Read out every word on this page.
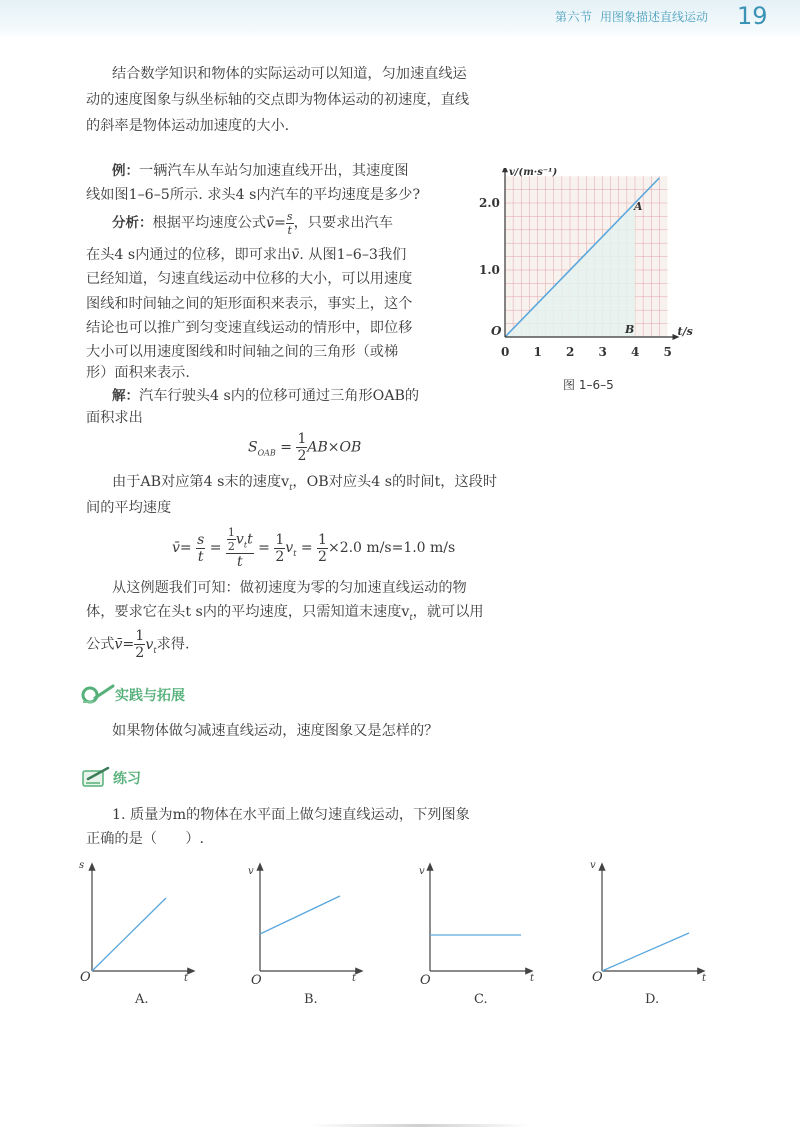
第六节 用图象描述直线运动 19

结合数学知识和物体的实际运动可以知道，匀加速直线运

动的速度图象与纵坐标轴的交点即为物体运动的初速度，直线

的斜率是物体运动加速度的大小.

例：一辆汽车从车站匀加速直线开出，其速度图

线如图1–6–5所示. 求头4 s内汽车的平均速度是多少?

分析：根据平均速度公式v̄= $\frac{s}{t}$ ，只要求出汽车

在头4 s内通过的位移，即可求出v̄. 从图1–6–3我们

已经知道，匀速直线运动中位移的大小，可以用速度

图线和时间轴之间的矩形面积来表示，事实上，这个

结论也可以推广到匀变速直线运动的情形中，即位移

大小可以用速度图线和时间轴之间的三角形（或梯

形）面积来表示.

解：汽车行驶头4 s内的位移可通过三角形OAB的

面积求出

$S_{OAB} = \frac{1}{2} AB\times OB$

由于AB对应第4 s末的速度$v_t$，OB对应头4 s的时间t，这段时

间的平均速度

v̄= $\frac{s}{t} = \frac{\frac{1}{2} v_tt}{t} = \frac{1}{2} v_t = \frac{1}{2} \times 2.0$ m/s=1.0 m/s

从这例题我们可知：做初速度为零的匀加速直线运动的物

体，要求它在头t s内的平均速度，只需知道末速度$v_t$，就可以用

公式v̄= $\frac{1}{2} v_t$求得.

实践与拓展

如果物体做匀减速直线运动，速度图象又是怎样的？

练习

1. 质量为m的物体在水平面上做匀速直线运动，下列图象

正确的是（　　）.

s
O	t
A.
v
O	t
B.
v
O	t
C.
v
O	t
D.
0 1 2 3 4 5
1.0
2.0
v/(m·s⁻¹)
t/s
O
A
B
图 1–6–5
